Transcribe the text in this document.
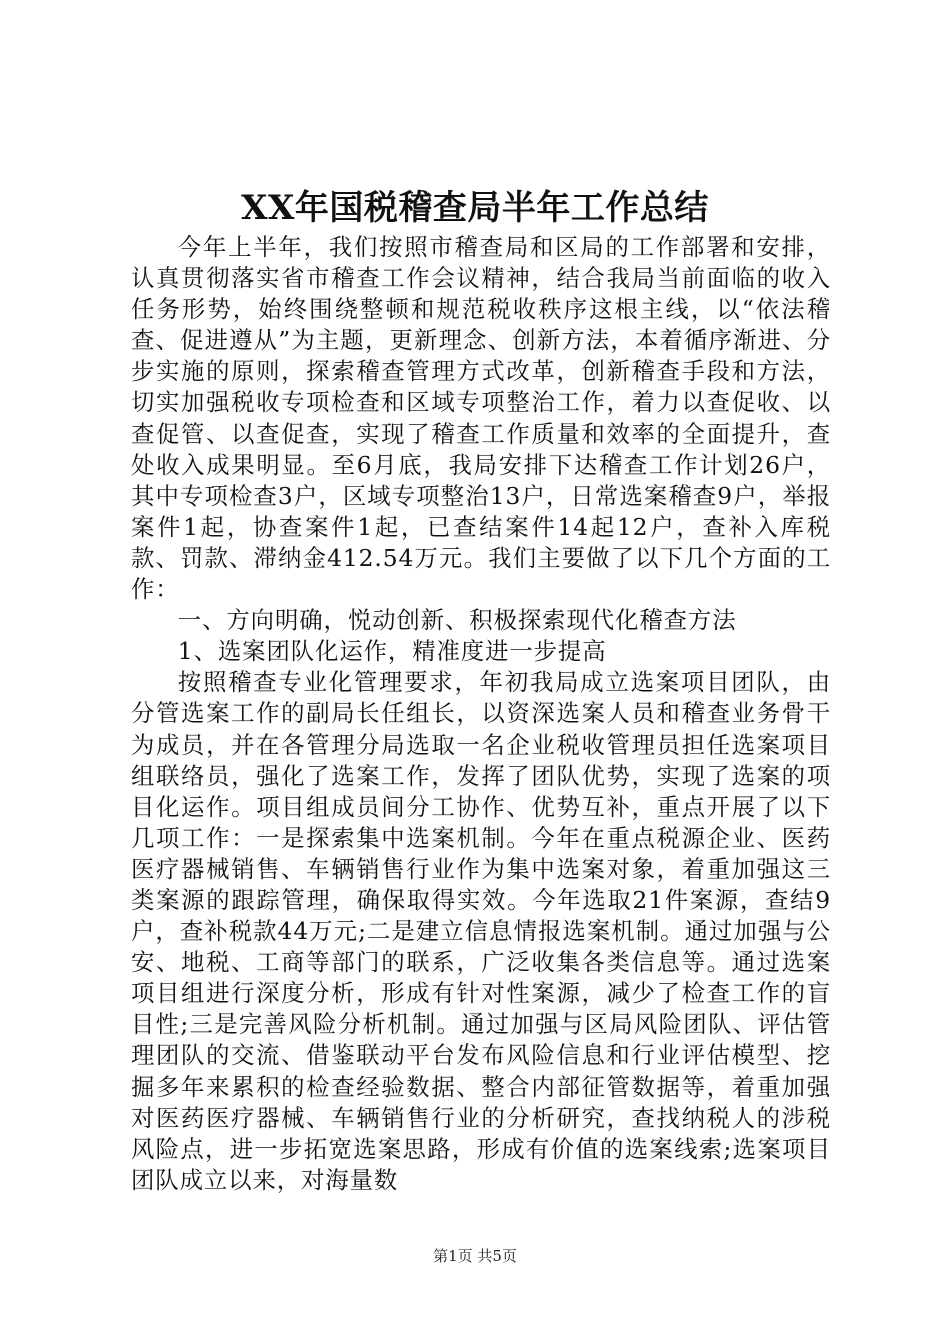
XX年国税稽查局半年工作总结

今年上半年，我们按照市稽查局和区局的工作部署和安排，认真贯彻落实省市稽查工作会议精神，结合我局当前面临的收入任务形势，始终围绕整顿和规范税收秩序这根主线，以“依法稽查、促进遵从”为主题，更新理念、创新方法，本着循序渐进、分步实施的原则，探索稽查管理方式改革，创新稽查手段和方法，切实加强税收专项检查和区域专项整治工作，着力以查促收、以查促管、以查促查，实现了稽查工作质量和效率的全面提升，查处收入成果明显。至6月底，我局安排下达稽查工作计划26户，其中专项检查3户，区域专项整治13户，日常选案稽查9户，举报案件1起，协查案件1起，已查结案件14起12户，查补入库税款、罚款、滞纳金412.54万元。我们主要做了以下几个方面的工作：

一、方向明确，悦动创新、积极探索现代化稽查方法

1、选案团队化运作，精准度进一步提高

按照稽查专业化管理要求，年初我局成立选案项目团队，由分管选案工作的副局长任组长，以资深选案人员和稽查业务骨干为成员，并在各管理分局选取一名企业税收管理员担任选案项目组联络员，强化了选案工作，发挥了团队优势，实现了选案的项目化运作。项目组成员间分工协作、优势互补，重点开展了以下几项工作：一是探索集中选案机制。今年在重点税源企业、医药医疗器械销售、车辆销售行业作为集中选案对象，着重加强这三类案源的跟踪管理，确保取得实效。今年选取21件案源，查结9户，查补税款44万元;二是建立信息情报选案机制。通过加强与公安、地税、工商等部门的联系，广泛收集各类信息等。通过选案项目组进行深度分析，形成有针对性案源，减少了检查工作的盲目性;三是完善风险分析机制。通过加强与区局风险团队、评估管理团队的交流、借鉴联动平台发布风险信息和行业评估模型、挖掘多年来累积的检查经验数据、整合内部征管数据等，着重加强对医药医疗器械、车辆销售行业的分析研究，查找纳税人的涉税风险点，进一步拓宽选案思路，形成有价值的选案线索;选案项目团队成立以来，对海量数

第1页 共5页
